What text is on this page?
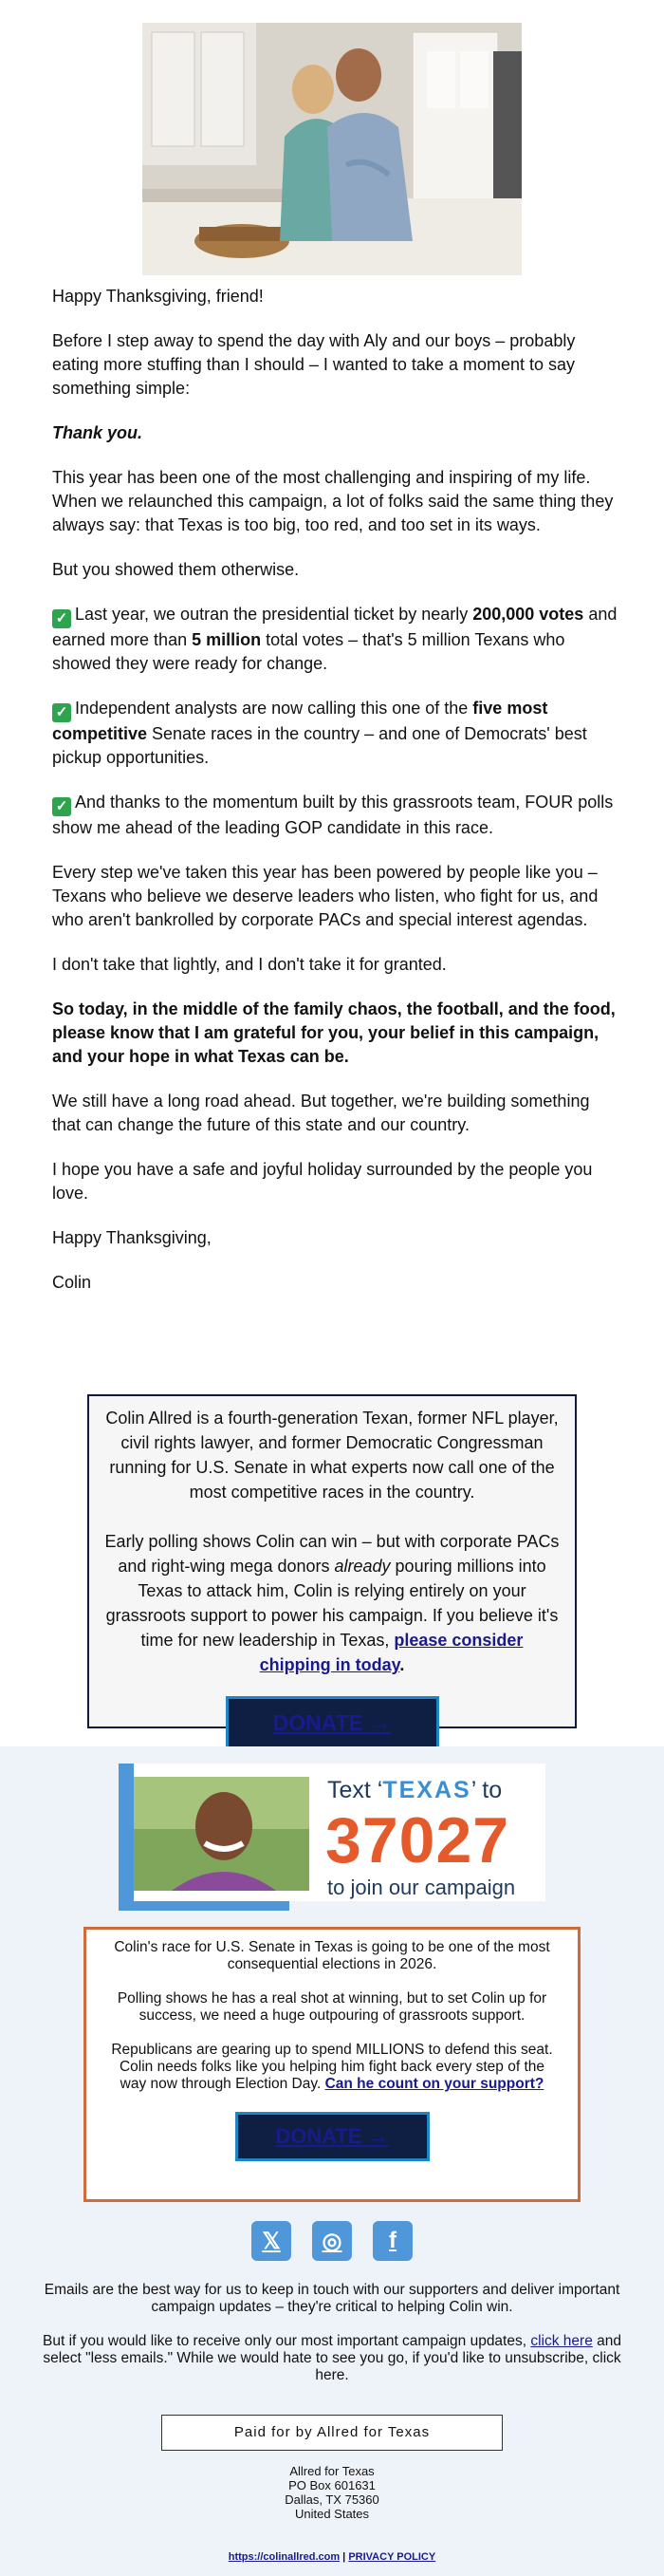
Happy Thanksgiving, friend!

Before I step away to spend the day with Aly and our boys – probably eating more stuffing than I should – I wanted to take a moment to say something simple:

Thank you.

This year has been one of the most challenging and inspiring of my life. When we relaunched this campaign, a lot of folks said the same thing they always say: that Texas is too big, too red, and too set in its ways.

But you showed them otherwise.

✓ Last year, we outran the presidential ticket by nearly 200,000 votes and earned more than 5 million total votes – that's 5 million Texans who showed they were ready for change.

✓ Independent analysts are now calling this one of the five most competitive Senate races in the country – and one of Democrats' best pickup opportunities.

✓ And thanks to the momentum built by this grassroots team, FOUR polls show me ahead of the leading GOP candidate in this race.

Every step we've taken this year has been powered by people like you – Texans who believe we deserve leaders who listen, who fight for us, and who aren't bankrolled by corporate PACs and special interest agendas.

I don't take that lightly, and I don't take it for granted.

So today, in the middle of the family chaos, the football, and the food, please know that I am grateful for you, your belief in this campaign, and your hope in what Texas can be.

We still have a long road ahead. But together, we're building something that can change the future of this state and our country.

I hope you have a safe and joyful holiday surrounded by the people you love.

Happy Thanksgiving,

Colin

Colin Allred is a fourth-generation Texan, former NFL player, civil rights lawyer, and former Democratic Congressman running for U.S. Senate in what experts now call one of the most competitive races in the country.

Early polling shows Colin can win – but with corporate PACs and right-wing mega donors already pouring millions into Texas to attack him, Colin is relying entirely on your grassroots support to power his campaign. If you believe it's time for new leadership in Texas, please consider chipping in today.

DONATE →
Text ‘TEXAS’ to
37027
to join our campaign

Colin's race for U.S. Senate in Texas is going to be one of the most consequential elections in 2026.

Polling shows he has a real shot at winning, but to set Colin up for success, we need a huge outpouring of grassroots support.

Republicans are gearing up to spend MILLIONS to defend this seat. Colin needs folks like you helping him fight back every step of the way now through Election Day. Can he count on your support?

DONATE →
𝕏	◎	f

Emails are the best way for us to keep in touch with our supporters and deliver important campaign updates – they're critical to helping Colin win.

But if you would like to receive only our most important campaign updates, click here and select "less emails." While we would hate to see you go, if you'd like to unsubscribe, click here.

Paid for by Allred for Texas
Allred for Texas
PO Box 601631
Dallas, TX 75360
United States
https://colinallred.com | PRIVACY POLICY
